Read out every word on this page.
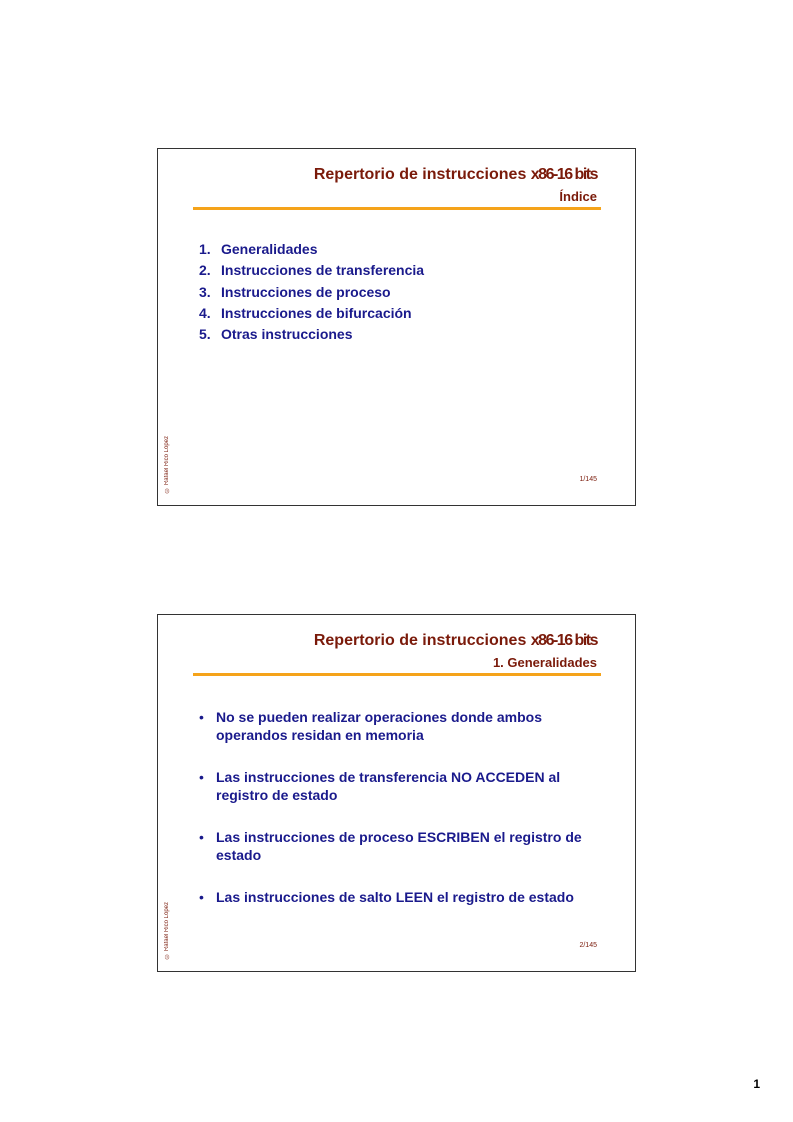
Repertorio de instrucciones x86-16 bits
Índice
1. Generalidades
2. Instrucciones de transferencia
3. Instrucciones de proceso
4. Instrucciones de bifurcación
5. Otras instrucciones
© Rafael Rico López	1/145
Repertorio de instrucciones x86-16 bits
1. Generalidades
• No se pueden realizar operaciones donde ambos operandos residan en memoria
• Las instrucciones de transferencia NO ACCEDEN al registro de estado
• Las instrucciones de proceso ESCRIBEN el registro de estado
• Las instrucciones de salto LEEN el registro de estado
© Rafael Rico López	2/145
1
